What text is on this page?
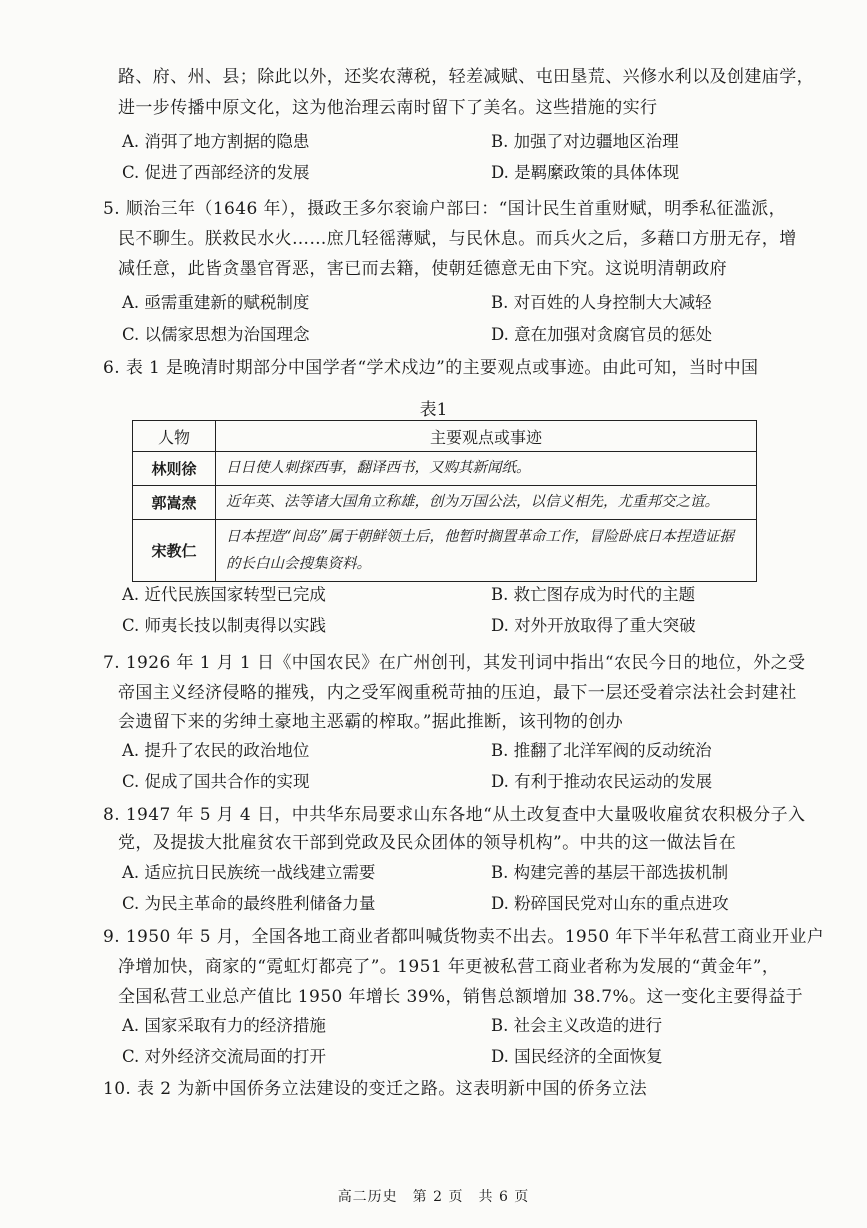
路、府、州、县；除此以外，还奖农薄税，轻差减赋、屯田垦荒、兴修水利以及创建庙学，
进一步传播中原文化，这为他治理云南时留下了美名。这些措施的实行
A. 消弭了地方割据的隐患	B. 加强了对边疆地区治理
C. 促进了西部经济的发展	D. 是羁縻政策的具体体现
5. 顺治三年（1646 年），摄政王多尔衮谕户部曰：“国计民生首重财赋，明季私征滥派，
民不聊生。朕救民水火……庶几轻徭薄赋，与民休息。而兵火之后，多藉口方册无存，增
减任意，此皆贪墨官胥恶，害已而去籍，使朝廷德意无由下究。这说明清朝政府
A. 亟需重建新的赋税制度	B. 对百姓的人身控制大大减轻
C. 以儒家思想为治国理念	D. 意在加强对贪腐官员的惩处
6. 表 1 是晚清时期部分中国学者“学术戍边”的主要观点或事迹。由此可知，当时中国
表1
人物	主要观点或事迹
林则徐	日日使人刺探西事，翻译西书，又购其新闻纸。
郭嵩焘	近年英、法等诸大国角立称雄，创为万国公法，以信义相先，尤重邦交之谊。
宋教仁	日本捏造“间岛”属于朝鲜领土后，他暂时搁置革命工作，冒险卧底日本捏造证据的长白山会搜集资料。
A. 近代民族国家转型已完成	B. 救亡图存成为时代的主题
C. 师夷长技以制夷得以实践	D. 对外开放取得了重大突破
7. 1926 年 1 月 1 日《中国农民》在广州创刊，其发刊词中指出“农民今日的地位，外之受
帝国主义经济侵略的摧残，内之受军阀重税苛抽的压迫，最下一层还受着宗法社会封建社
会遗留下来的劣绅土豪地主恶霸的榨取。”据此推断，该刊物的创办
A. 提升了农民的政治地位	B. 推翻了北洋军阀的反动统治
C. 促成了国共合作的实现	D. 有利于推动农民运动的发展
8. 1947 年 5 月 4 日，中共华东局要求山东各地“从土改复查中大量吸收雇贫农积极分子入
党，及提拔大批雇贫农干部到党政及民众团体的领导机构”。中共的这一做法旨在
A. 适应抗日民族统一战线建立需要	B. 构建完善的基层干部选拔机制
C. 为民主革命的最终胜利储备力量	D. 粉碎国民党对山东的重点进攻
9. 1950 年 5 月，全国各地工商业者都叫喊货物卖不出去。1950 年下半年私营工商业开业户
净增加快，商家的“霓虹灯都亮了”。1951 年更被私营工商业者称为发展的“黄金年”，
全国私营工业总产值比 1950 年增长 39%，销售总额增加 38.7%。这一变化主要得益于
A. 国家采取有力的经济措施	B. 社会主义改造的进行
C. 对外经济交流局面的打开	D. 国民经济的全面恢复
10. 表 2 为新中国侨务立法建设的变迁之路。这表明新中国的侨务立法
高二历史　第 2 页　共 6 页
